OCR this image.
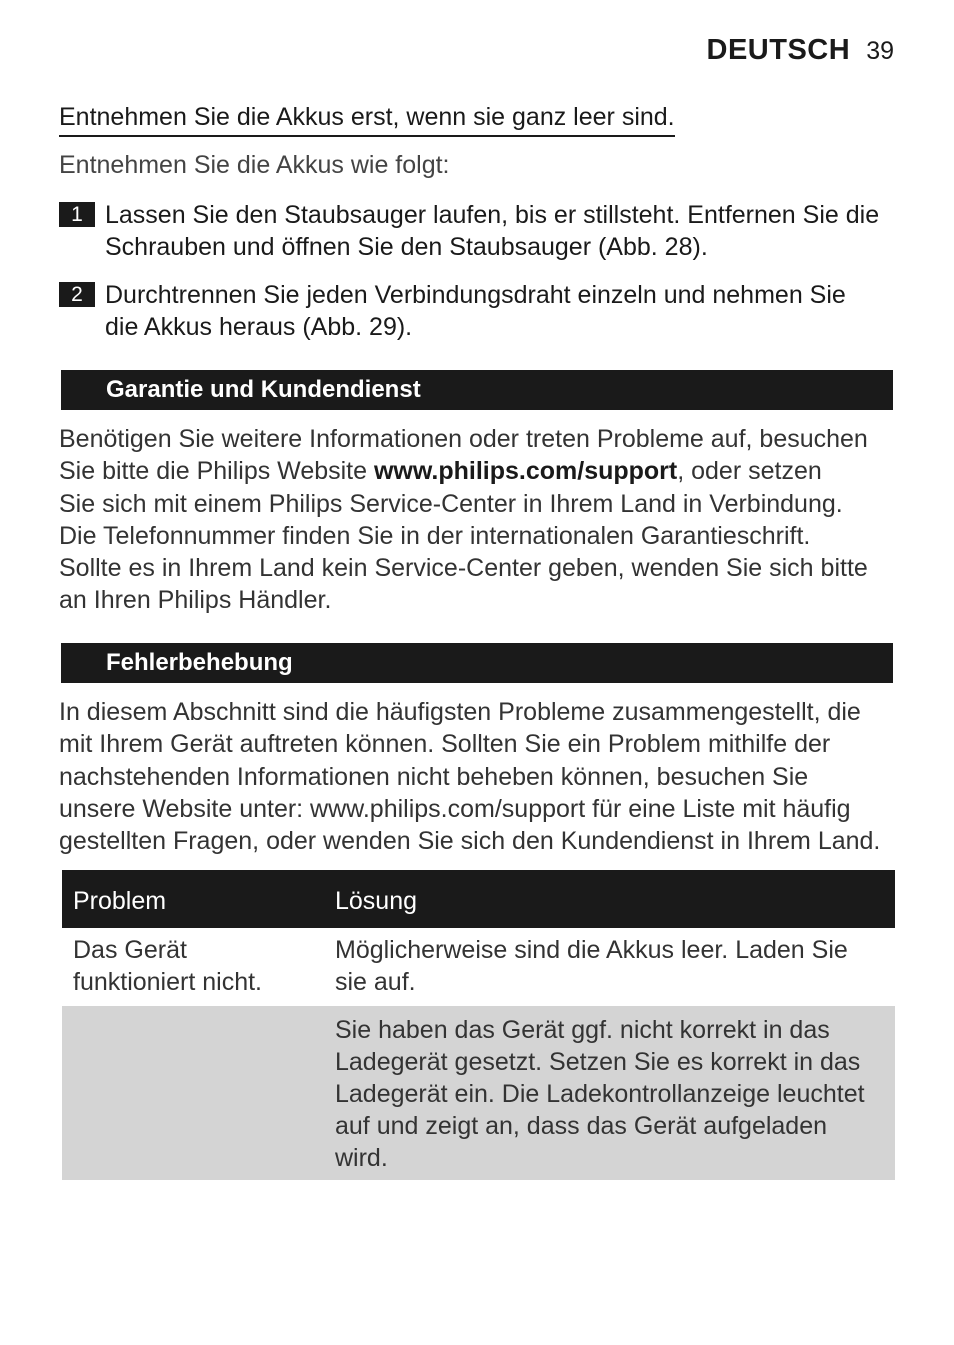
DEUTSCH 39
Entnehmen Sie die Akkus erst, wenn sie ganz leer sind.
Entnehmen Sie die Akkus wie folgt:
1 Lassen Sie den Staubsauger laufen, bis er stillsteht. Entfernen Sie die
Schrauben und öffnen Sie den Staubsauger (Abb. 28).
2 Durchtrennen Sie jeden Verbindungsdraht einzeln und nehmen Sie
die Akkus heraus (Abb. 29).
Garantie und Kundendienst
Benötigen Sie weitere Informationen oder treten Probleme auf, besuchen
Sie bitte die Philips Website www.philips.com/support, oder setzen
Sie sich mit einem Philips Service-Center in Ihrem Land in Verbindung.
Die Telefonnummer finden Sie in der internationalen Garantieschrift.
Sollte es in Ihrem Land kein Service-Center geben, wenden Sie sich bitte
an Ihren Philips Händler.
Fehlerbehebung
In diesem Abschnitt sind die häufigsten Probleme zusammengestellt, die
mit Ihrem Gerät auftreten können. Sollten Sie ein Problem mithilfe der
nachstehenden Informationen nicht beheben können, besuchen Sie
unsere Website unter: www.philips.com/support für eine Liste mit häufig
gestellten Fragen, oder wenden Sie sich den Kundendienst in Ihrem Land.
Problem	Lösung
Das Gerät
funktioniert nicht.
Möglicherweise sind die Akkus leer. Laden Sie
sie auf.
Sie haben das Gerät ggf. nicht korrekt in das
Ladegerät gesetzt. Setzen Sie es korrekt in das
Ladegerät ein. Die Ladekontrollanzeige leuchtet
auf und zeigt an, dass das Gerät aufgeladen
wird.
